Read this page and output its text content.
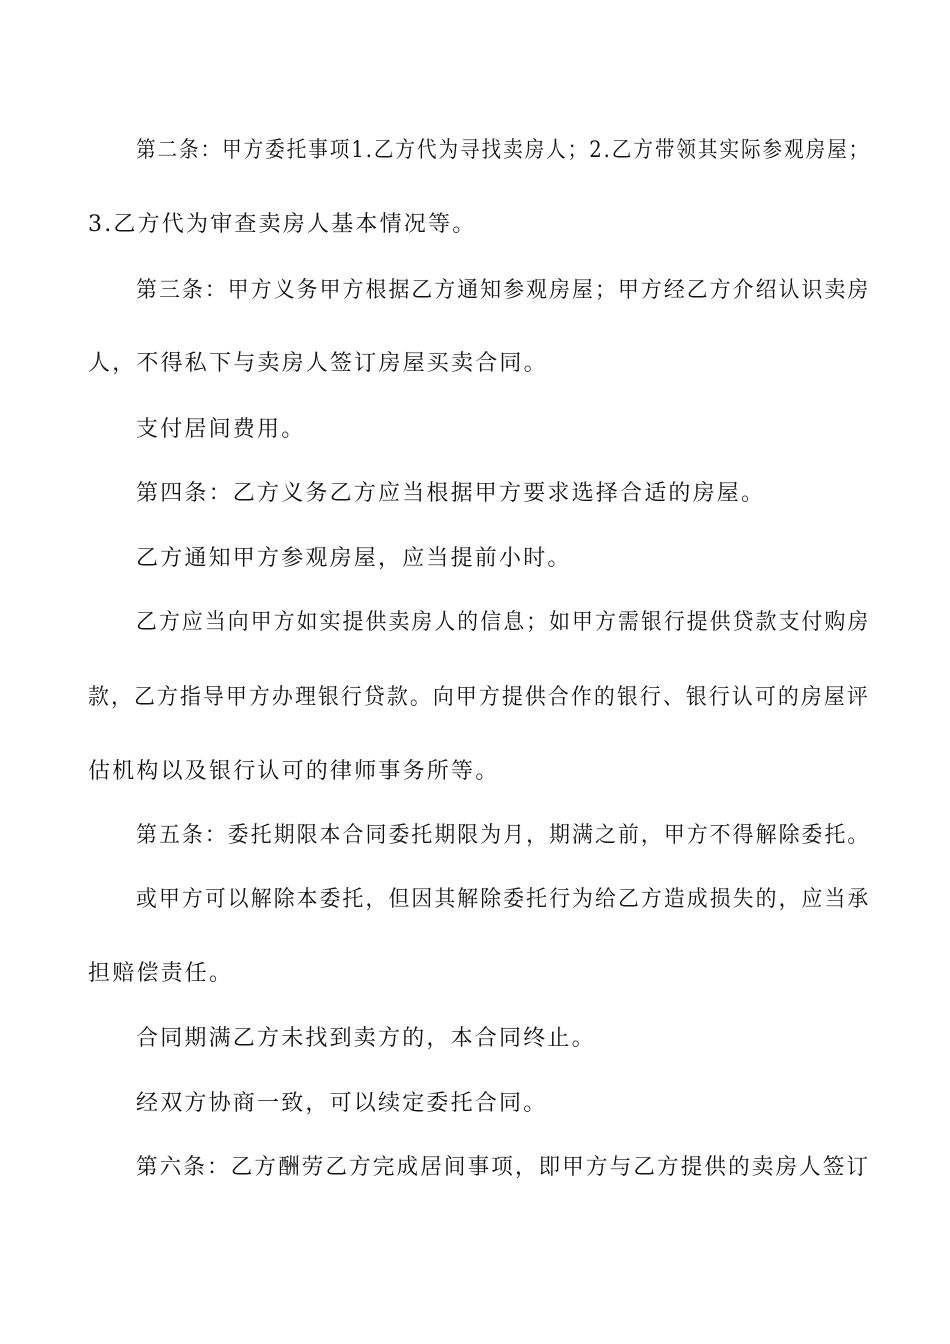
第二条：甲方委托事项1.乙方代为寻找卖房人；2.乙方带领其实际参观房屋；
3.乙方代为审查卖房人基本情况等。
第三条：甲方义务甲方根据乙方通知参观房屋；甲方经乙方介绍认识卖房
人，不得私下与卖房人签订房屋买卖合同。
支付居间费用。
第四条：乙方义务乙方应当根据甲方要求选择合适的房屋。
乙方通知甲方参观房屋，应当提前小时。
乙方应当向甲方如实提供卖房人的信息；如甲方需银行提供贷款支付购房
款，乙方指导甲方办理银行贷款。向甲方提供合作的银行、银行认可的房屋评
估机构以及银行认可的律师事务所等。
第五条：委托期限本合同委托期限为月，期满之前，甲方不得解除委托。
或甲方可以解除本委托，但因其解除委托行为给乙方造成损失的，应当承
担赔偿责任。
合同期满乙方未找到卖方的，本合同终止。
经双方协商一致，可以续定委托合同。
第六条：乙方酬劳乙方完成居间事项，即甲方与乙方提供的卖房人签订
